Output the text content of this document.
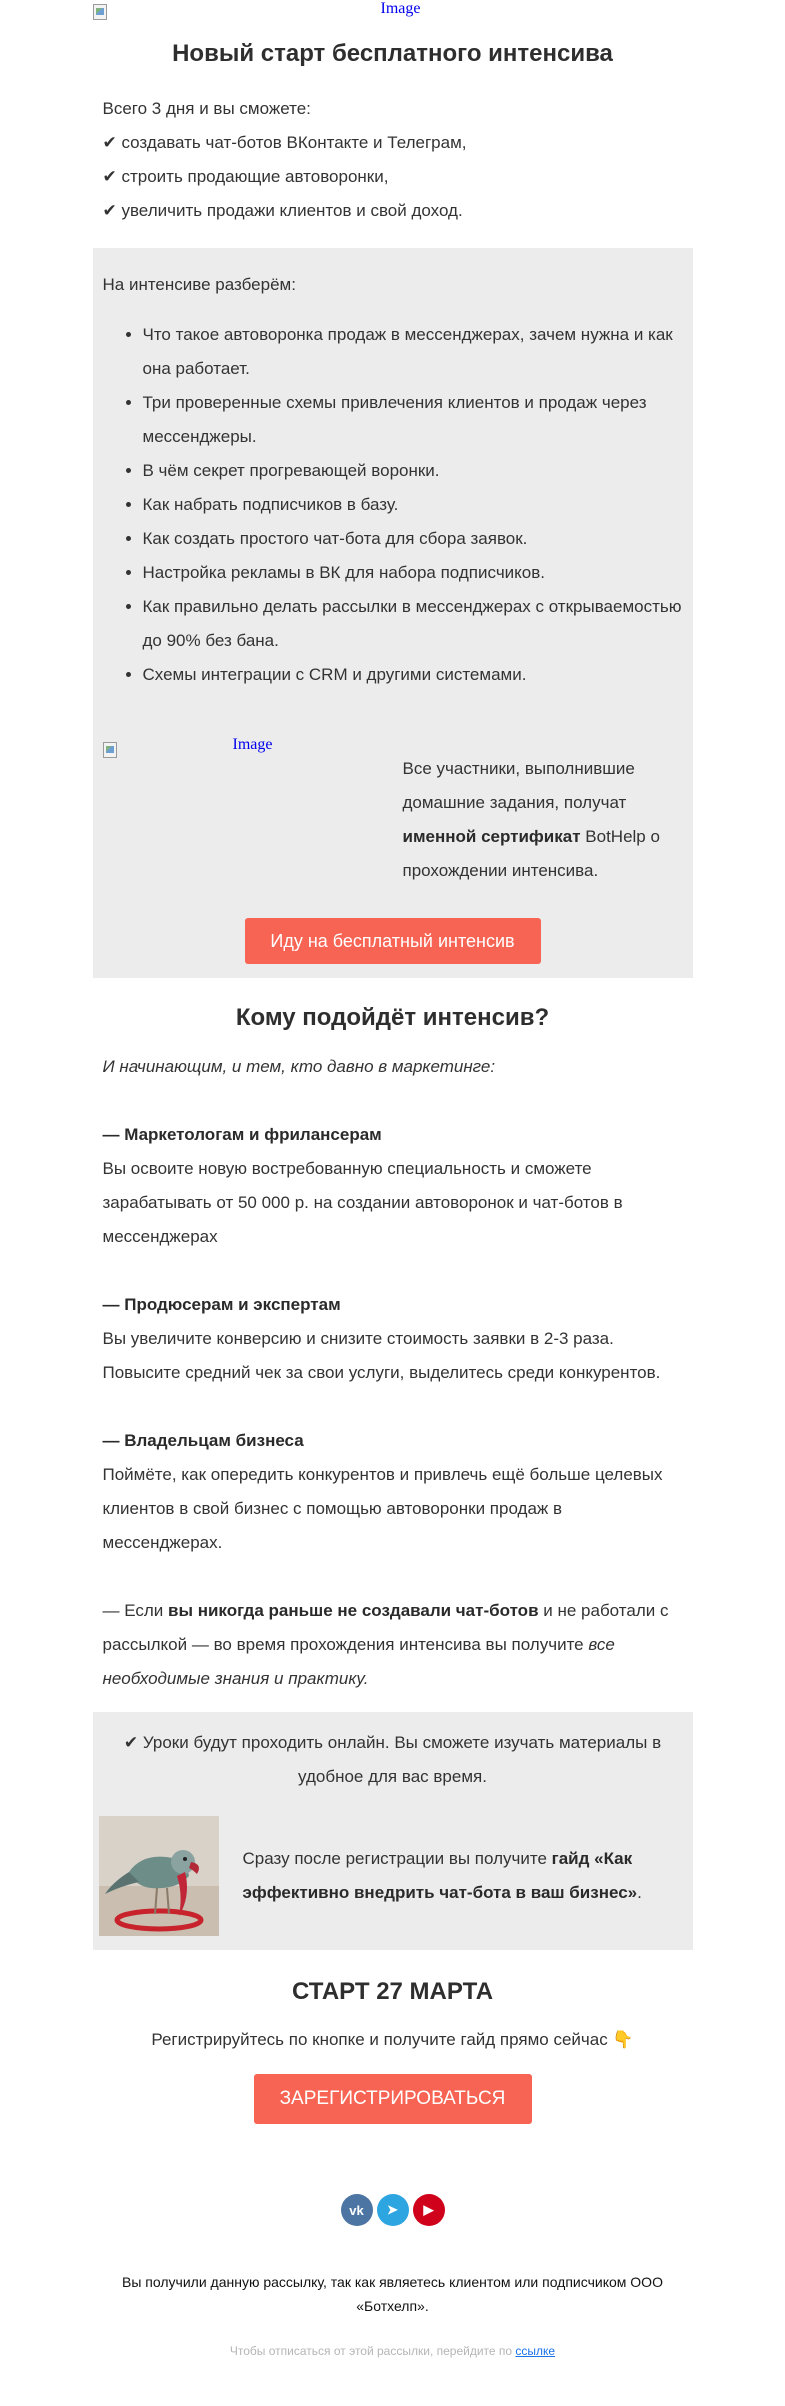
Image
Новый старт бесплатного интенсива

Всего 3 дня и вы сможете:

✔ создавать чат-ботов ВКонтакте и Телеграм,

✔ строить продающие автоворонки,

✔ увеличить продажи клиентов и свой доход.

На интенсиве разберём:

• Что такое автоворонка продаж в мессенджерах, зачем нужна и как она работает.
• Три проверенные схемы привлечения клиентов и продаж через мессенджеры.
• В чём секрет прогревающей воронки.
• Как набрать подписчиков в базу.
• Как создать простого чат-бота для сбора заявок.
• Настройка рекламы в ВК для набора подписчиков.
• Как правильно делать рассылки в мессенджерах с открываемостью до 90% без бана.
• Схемы интеграции с CRM и другими системами.
Image
Все участники, выполнившие домашние задания, получат именной сертификат BotHelp о прохождении интенсива.
Иду на бесплатный интенсив
Кому подойдёт интенсив?

И начинающим, и тем, кто давно в маркетинге:

— Маркетологам и фрилансерам

Вы освоите новую востребованную специальность и сможете зарабатывать от 50 000 р. на создании автоворонок и чат-ботов в мессенджерах

— Продюсерам и экспертам

Вы увеличите конверсию и снизите стоимость заявки в 2-3 раза. Повысите средний чек за свои услуги, выделитесь среди конкурентов.

— Владельцам бизнеса

Поймёте, как опередить конкурентов и привлечь ещё больше целевых клиентов в свой бизнес с помощью автоворонки продаж в мессенджерах.

— Если вы никогда раньше не создавали чат-ботов и не работали с рассылкой — во время прохождения интенсива вы получите все необходимые знания и практику.

✔ Уроки будут проходить онлайн. Вы сможете изучать материалы в удобное для вас время.

Сразу после регистрации вы получите гайд «Как эффективно внедрить чат-бота в ваш бизнес».
СТАРТ 27 МАРТА
Регистрируйтесь по кнопке и получите гайд прямо сейчас 👇
ЗАРЕГИСТРИРОВАТЬСЯ
vk	➤	▶
Вы получили данную рассылку, так как являетесь клиентом или подписчиком ООО «Ботхелп».
Чтобы отписаться от этой рассылки, перейдите по ссылке
